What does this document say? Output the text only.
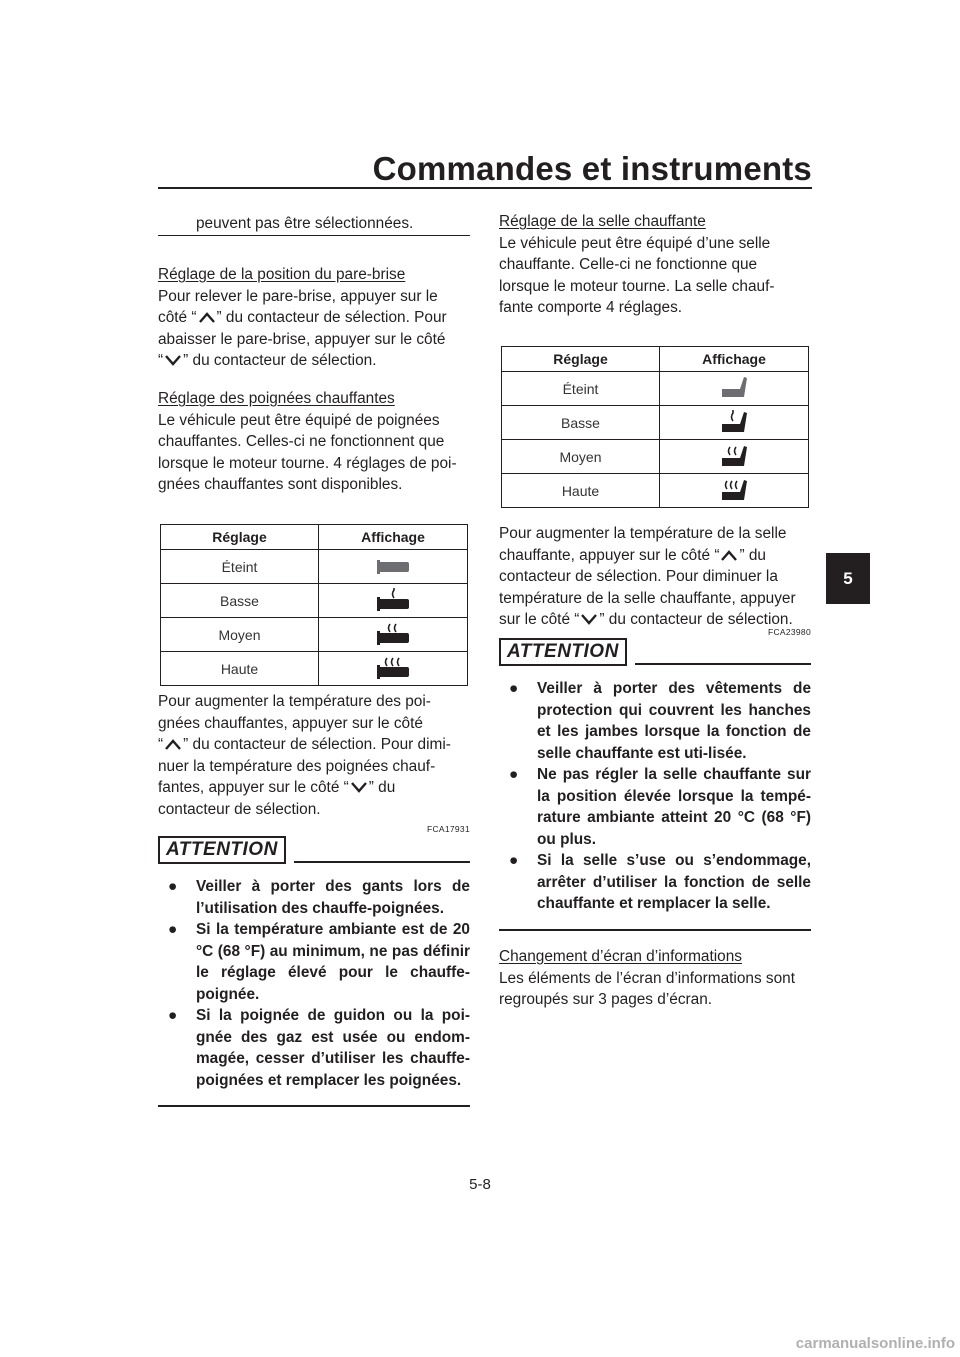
Commandes et instruments
5

peuvent pas être sélectionnées.

Réglage de la position du pare-brise

Pour relever le pare-brise, appuyer sur le

côté “ ” du contacteur de sélection. Pour

abaisser le pare-brise, appuyer sur le côté

“ ” du contacteur de sélection.

Réglage des poignées chauffantes

Le véhicule peut être équipé de poignées

chauffantes. Celles-ci ne fonctionnent que

lorsque le moteur tourne. 4 réglages de poi-

gnées chauffantes sont disponibles.

Réglage	Affichage
Éteint	
Basse	
Moyen	
Haute	

Pour augmenter la température des poi-

gnées chauffantes, appuyer sur le côté

“ ” du contacteur de sélection. Pour dimi-

nuer la température des poignées chauf-

fantes, appuyer sur le côté “ ” du

contacteur de sélection.

FCA17931
ATTENTION
● Veiller à porter des gants lors de l’utilisation des chauffe-poignées.
● Si la température ambiante est de 20 °C (68 °F) au minimum, ne pas définir le réglage élevé pour le chauffe-poignée.
● Si la poignée de guidon ou la poi-gnée des gaz est usée ou endom-magée, cesser d’utiliser les chauffe-poignées et remplacer les poignées.

Réglage de la selle chauffante

Le véhicule peut être équipé d’une selle

chauffante. Celle-ci ne fonctionne que

lorsque le moteur tourne. La selle chauf-

fante comporte 4 réglages.

Réglage	Affichage
Éteint	
Basse	
Moyen	
Haute	

Pour augmenter la température de la selle

chauffante, appuyer sur le côté “ ” du

contacteur de sélection. Pour diminuer la

température de la selle chauffante, appuyer

sur le côté “ ” du contacteur de sélection.

FCA23980
ATTENTION
● Veiller à porter des vêtements de protection qui couvrent les hanches et les jambes lorsque la fonction de selle chauffante est uti-lisée.
● Ne pas régler la selle chauffante sur la position élevée lorsque la tempé-rature ambiante atteint 20 °C (68 °F) ou plus.
● Si la selle s’use ou s’endommage, arrêter d’utiliser la fonction de selle chauffante et remplacer la selle.

Changement d’écran d’informations

Les éléments de l’écran d’informations sont

regroupés sur 3 pages d’écran.

5-8
carmanualsonline.info
